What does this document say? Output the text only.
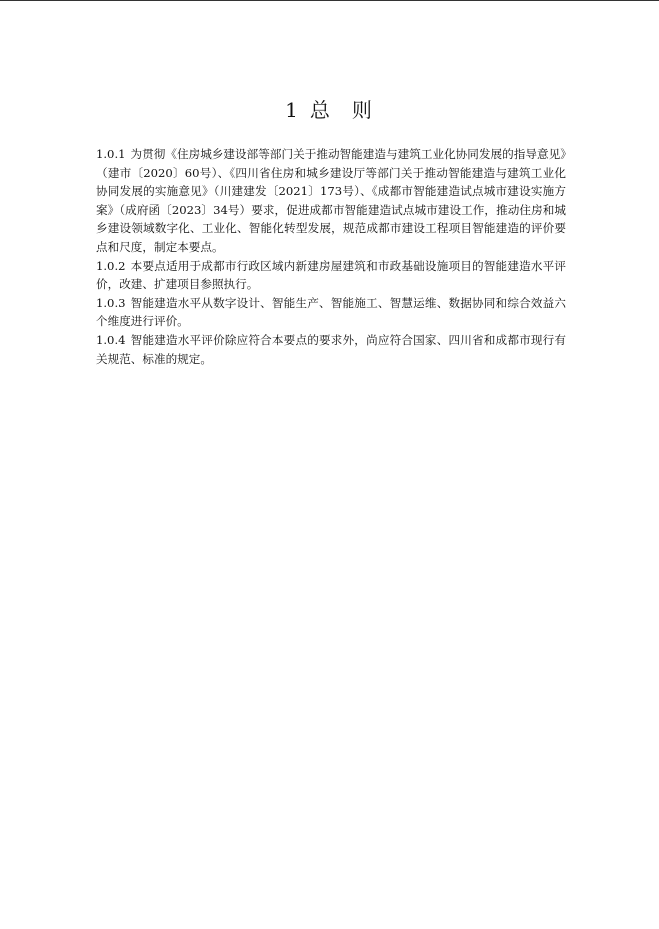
1 总 则

1.0.1 为贯彻《住房城乡建设部等部门关于推动智能建造与建筑工业化协同发展的指导意见》（建市〔2020〕60号）、《四川省住房和城乡建设厅等部门关于推动智能建造与建筑工业化协同发展的实施意见》（川建建发〔2021〕173号）、《成都市智能建造试点城市建设实施方案》（成府函〔2023〕34号）要求，促进成都市智能建造试点城市建设工作，推动住房和城乡建设领域数字化、工业化、智能化转型发展，规范成都市建设工程项目智能建造的评价要点和尺度，制定本要点。

1.0.2 本要点适用于成都市行政区域内新建房屋建筑和市政基础设施项目的智能建造水平评价，改建、扩建项目参照执行。

1.0.3 智能建造水平从数字设计、智能生产、智能施工、智慧运维、数据协同和综合效益六个维度进行评价。

1.0.4 智能建造水平评价除应符合本要点的要求外，尚应符合国家、四川省和成都市现行有关规范、标准的规定。
